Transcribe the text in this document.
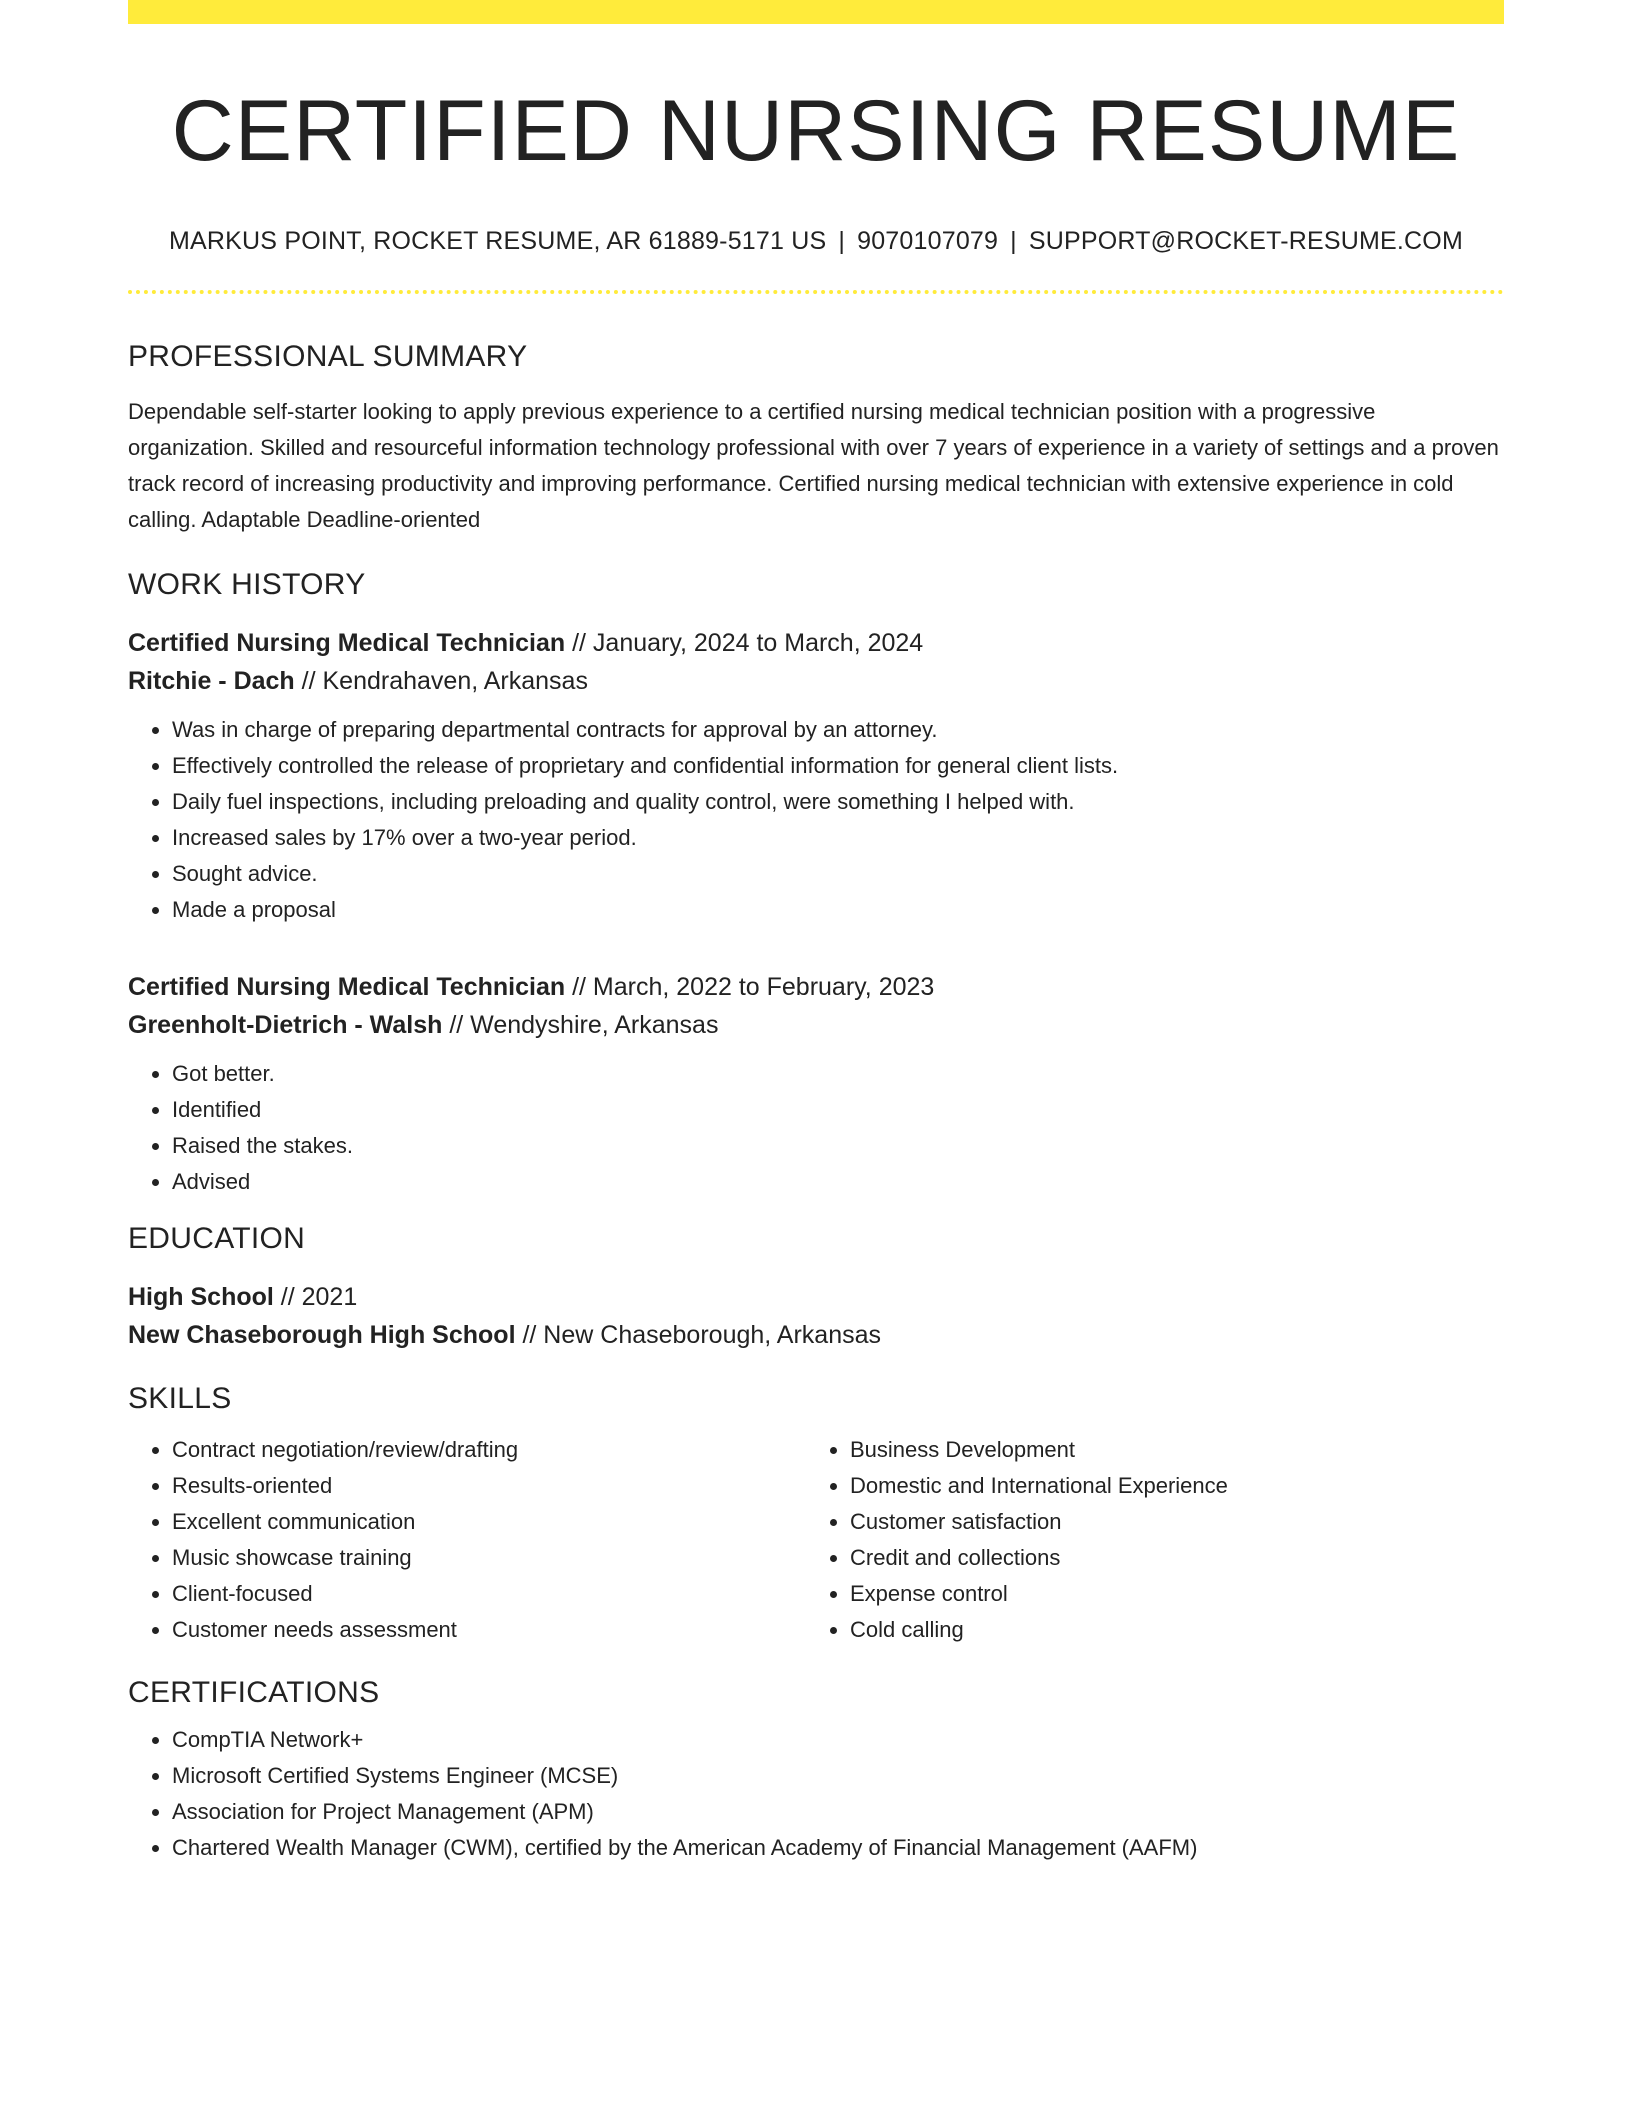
CERTIFIED NURSING RESUME
MARKUS POINT, ROCKET RESUME, AR 61889-5171 US | 9070107079 | SUPPORT@ROCKET-RESUME.COM
PROFESSIONAL SUMMARY
Dependable self-starter looking to apply previous experience to a certified nursing medical technician position with a progressive organization. Skilled and resourceful information technology professional with over 7 years of experience in a variety of settings and a proven track record of increasing productivity and improving performance. Certified nursing medical technician with extensive experience in cold calling. Adaptable Deadline-oriented
WORK HISTORY
Certified Nursing Medical Technician // January, 2024 to March, 2024
Ritchie - Dach // Kendrahaven, Arkansas
• Was in charge of preparing departmental contracts for approval by an attorney.
• Effectively controlled the release of proprietary and confidential information for general client lists.
• Daily fuel inspections, including preloading and quality control, were something I helped with.
• Increased sales by 17% over a two-year period.
• Sought advice.
• Made a proposal
Certified Nursing Medical Technician // March, 2022 to February, 2023
Greenholt-Dietrich - Walsh // Wendyshire, Arkansas
• Got better.
• Identified
• Raised the stakes.
• Advised
EDUCATION
High School // 2021
New Chaseborough High School // New Chaseborough, Arkansas
SKILLS
• Contract negotiation/review/drafting
• Results-oriented
• Excellent communication
• Music showcase training
• Client-focused
• Customer needs assessment
• Business Development
• Domestic and International Experience
• Customer satisfaction
• Credit and collections
• Expense control
• Cold calling
CERTIFICATIONS
• CompTIA Network+
• Microsoft Certified Systems Engineer (MCSE)
• Association for Project Management (APM)
• Chartered Wealth Manager (CWM), certified by the American Academy of Financial Management (AAFM)
